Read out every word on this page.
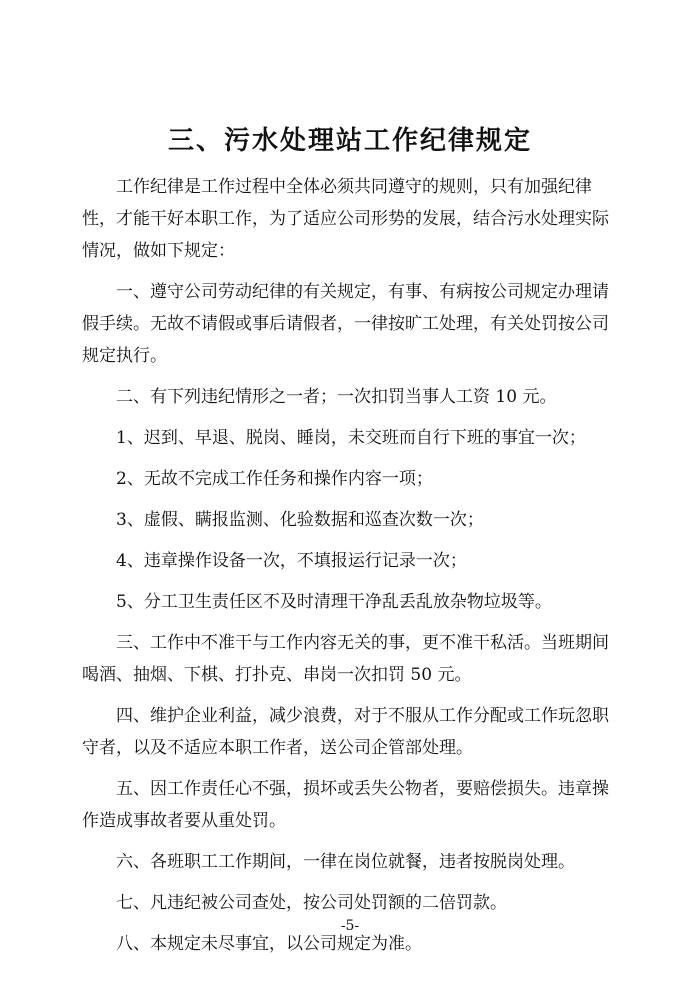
三、污水处理站工作纪律规定

工作纪律是工作过程中全体必须共同遵守的规则，只有加强纪律性，才能干好本职工作，为了适应公司形势的发展，结合污水处理实际情况，做如下规定：

一、遵守公司劳动纪律的有关规定，有事、有病按公司规定办理请假手续。无故不请假或事后请假者，一律按旷工处理，有关处罚按公司规定执行。

二、有下列违纪情形之一者；一次扣罚当事人工资 10 元。

1、迟到、早退、脱岗、睡岗，未交班而自行下班的事宜一次；

2、无故不完成工作任务和操作内容一项；

3、虚假、瞒报监测、化验数据和巡查次数一次；

4、违章操作设备一次，不填报运行记录一次；

5、分工卫生责任区不及时清理干净乱丢乱放杂物垃圾等。

三、工作中不准干与工作内容无关的事，更不准干私活。当班期间喝酒、抽烟、下棋、打扑克、串岗一次扣罚 50 元。

四、维护企业利益，减少浪费，对于不服从工作分配或工作玩忽职守者，以及不适应本职工作者，送公司企管部处理。

五、因工作责任心不强，损坏或丢失公物者，要赔偿损失。违章操作造成事故者要从重处罚。

六、各班职工工作期间，一律在岗位就餐，违者按脱岗处理。

七、凡违纪被公司查处，按公司处罚额的二倍罚款。

八、本规定未尽事宜，以公司规定为准。

-5-
